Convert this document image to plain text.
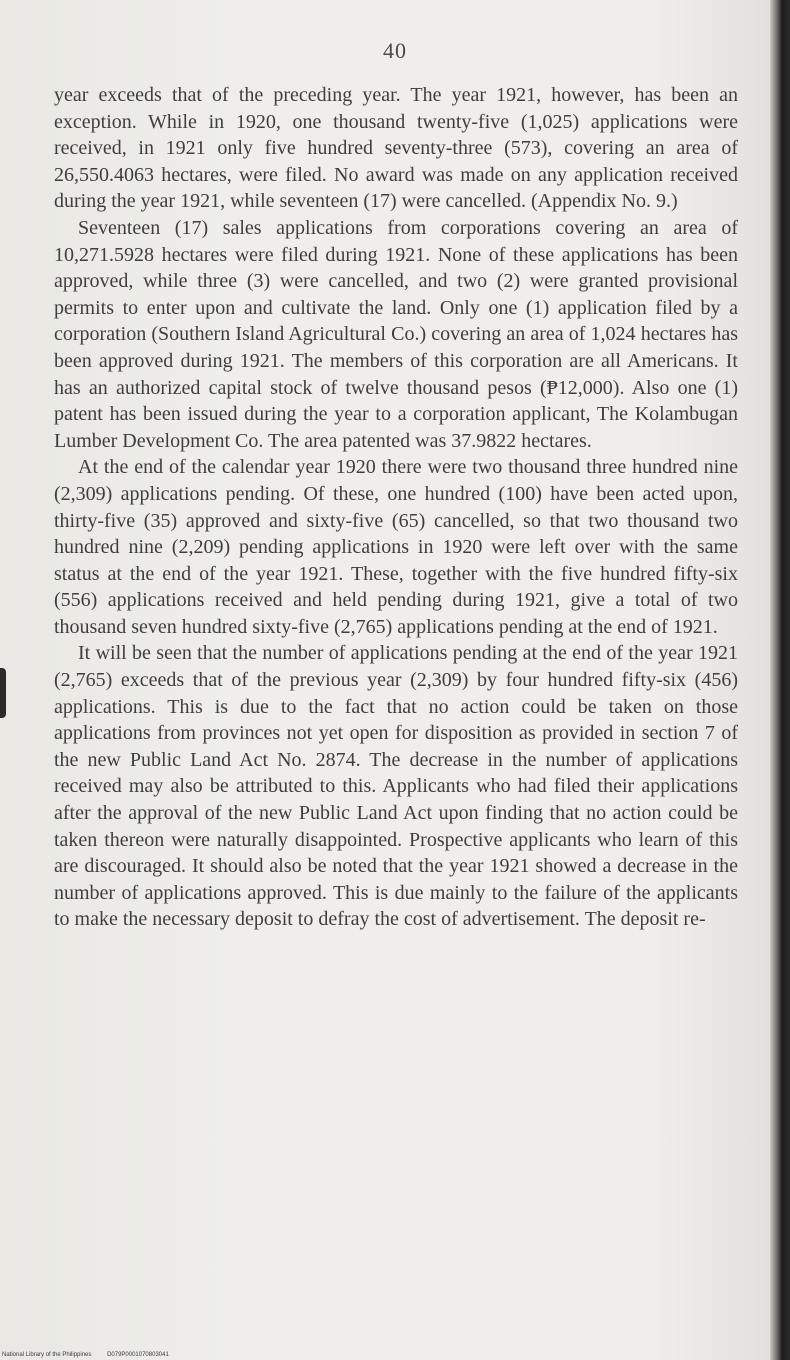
40

year exceeds that of the preceding year. The year 1921, however, has been an exception. While in 1920, one thousand twenty-five (1,025) applications were received, in 1921 only five hundred seventy-three (573), covering an area of 26,550.4063 hectares, were filed. No award was made on any application received during the year 1921, while seventeen (17) were cancelled. (Appendix No. 9.)

Seventeen (17) sales applications from corporations covering an area of 10,271.5928 hectares were filed during 1921. None of these applications has been approved, while three (3) were cancelled, and two (2) were granted provisional permits to enter upon and cultivate the land. Only one (1) application filed by a corporation (Southern Island Agricultural Co.) covering an area of 1,024 hectares has been approved during 1921. The members of this corporation are all Americans. It has an authorized capital stock of twelve thousand pesos (₱12,000). Also one (1) patent has been issued during the year to a corporation applicant, The Kolambugan Lumber Development Co. The area patented was 37.9822 hectares.

At the end of the calendar year 1920 there were two thousand three hundred nine (2,309) applications pending. Of these, one hundred (100) have been acted upon, thirty-five (35) approved and sixty-five (65) cancelled, so that two thousand two hundred nine (2,209) pending applications in 1920 were left over with the same status at the end of the year 1921. These, together with the five hundred fifty-six (556) applications received and held pending during 1921, give a total of two thousand seven hundred sixty-five (2,765) applications pending at the end of 1921.

It will be seen that the number of applications pending at the end of the year 1921 (2,765) exceeds that of the previous year (2,309) by four hundred fifty-six (456) applications. This is due to the fact that no action could be taken on those applications from provinces not yet open for disposition as provided in section 7 of the new Public Land Act No. 2874. The decrease in the number of applications received may also be attributed to this. Applicants who had filed their applications after the approval of the new Public Land Act upon finding that no action could be taken thereon were naturally disappointed. Prospective applicants who learn of this are discouraged. It should also be noted that the year 1921 showed a decrease in the number of applications approved. This is due mainly to the failure of the applicants to make the necessary deposit to defray the cost of advertisement. The deposit re-

National Library of the Philippines	D079P0001070803041
